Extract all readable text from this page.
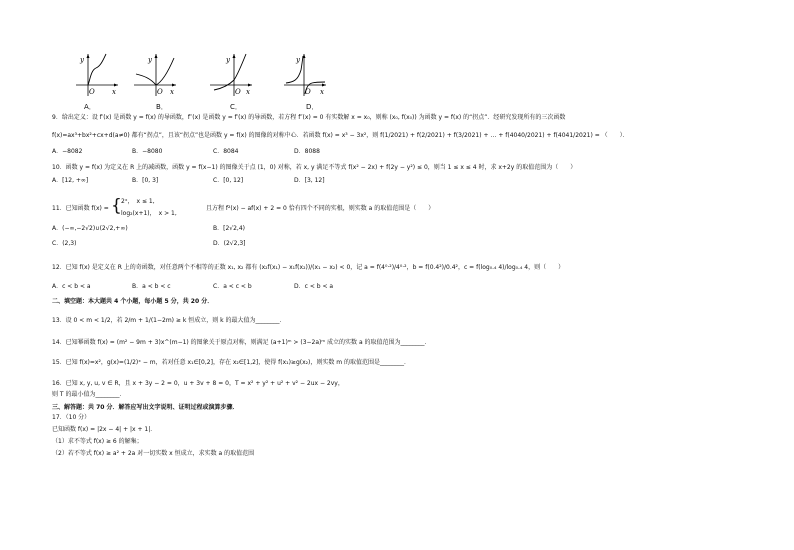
y
x
O
y
x
O
y
x
O
y
x
O
A．	B．	C．	D．
9．给出定义：设 f′(x) 是函数 y = f(x) 的导函数，f″(x) 是函数 y = f′(x) 的导函数，若方程 f″(x) = 0 有实数解 x = x₀，则称 (x₀, f(x₀)) 为函数 y = f(x) 的“拐点”．经研究发现所有的三次函数
f(x)=ax³+bx²+cx+d(a≠0) 都有“拐点”，且该“拐点”也是函数 y = f(x) 的图像的对称中心．若函数 f(x) = x³ − 3x²，则 f(1/2021) + f(2/2021) + f(3/2021) + … + f(4040/2021) + f(4041/2021) = （　　）．
A．−8082	B．−8080	C．8084	D．8088
10．函数 y = f(x) 为定义在 R 上的减函数，函数 y = f(x−1) 的图像关于点 (1，0) 对称，若 x, y 满足不等式 f(x² − 2x) + f(2y − y²) ≤ 0，则当 1 ≤ x ≤ 4 时，求 x+2y 的取值范围为（　　）
A．[12, +∞]	B．[0, 3]	C．[0, 12]	D．[3, 12]
11．已知函数 f(x) = { 2ˣ，　x ≤ 1,
log₂(x+1)，　x > 1,
且方程 f²(x) − af(x) + 2 = 0 恰有四个不同的实根，则实数 a 的取值范围是（　　）
A．(−∞,−2√2)∪(2√2,+∞)	B．[2√2,4)
C．(2,3)	D．(2√2,3]
12．已知 f(x) 是定义在 R 上的奇函数，对任意两个不相等的正数 x₁, x₂ 都有 (x₂f(x₁) − x₁f(x₂))/(x₁ − x₂) < 0，记 a = f(4⁰·²)/4⁰·²，b = f(0.4²)/0.4²，c = f(log₀.₄ 4)/log₀.₄ 4，则（　　）
A．c < b < a	B．a < b < c	C．a < c < b	D．c < b < a
二、填空题：本大题共 4 个小题，每小题 5 分，共 20 分．
13．设 0 < m < 1/2，若 2/m + 1/(1−2m) ≥ k 恒成立，则 k 的最大值为________．
14．已知幂函数 f(x) = (m² − 9m + 3)x^(m−1) 的图象关于原点对称，则满足 (a+1)ᵐ > (3−2a)ᵐ 成立的实数 a 的取值范围为________．
15．已知 f(x)=x²，g(x)=(1/2)ˣ − m，若对任意 x₁∈[0,2]，存在 x₂∈[1,2]，使得 f(x₁)≥g(x₂)，则实数 m 的取值范围是________．
16．已知 x, y, u, v ∈ R，且 x + 3y − 2 = 0，u + 3v + 8 = 0，T = x² + y² + u² + v² − 2ux − 2vy，
则 T 的最小值为________．
三、解答题：共 70 分．解答应写出文字说明、证明过程或演算步骤．
17．（10 分）
已知函数 f(x) = |2x − 4| + |x + 1|．
（1）求不等式 f(x) ≥ 6 的解集；
（2）若不等式 f(x) ≥ a² + 2a 对一切实数 x 恒成立，求实数 a 的取值范围
